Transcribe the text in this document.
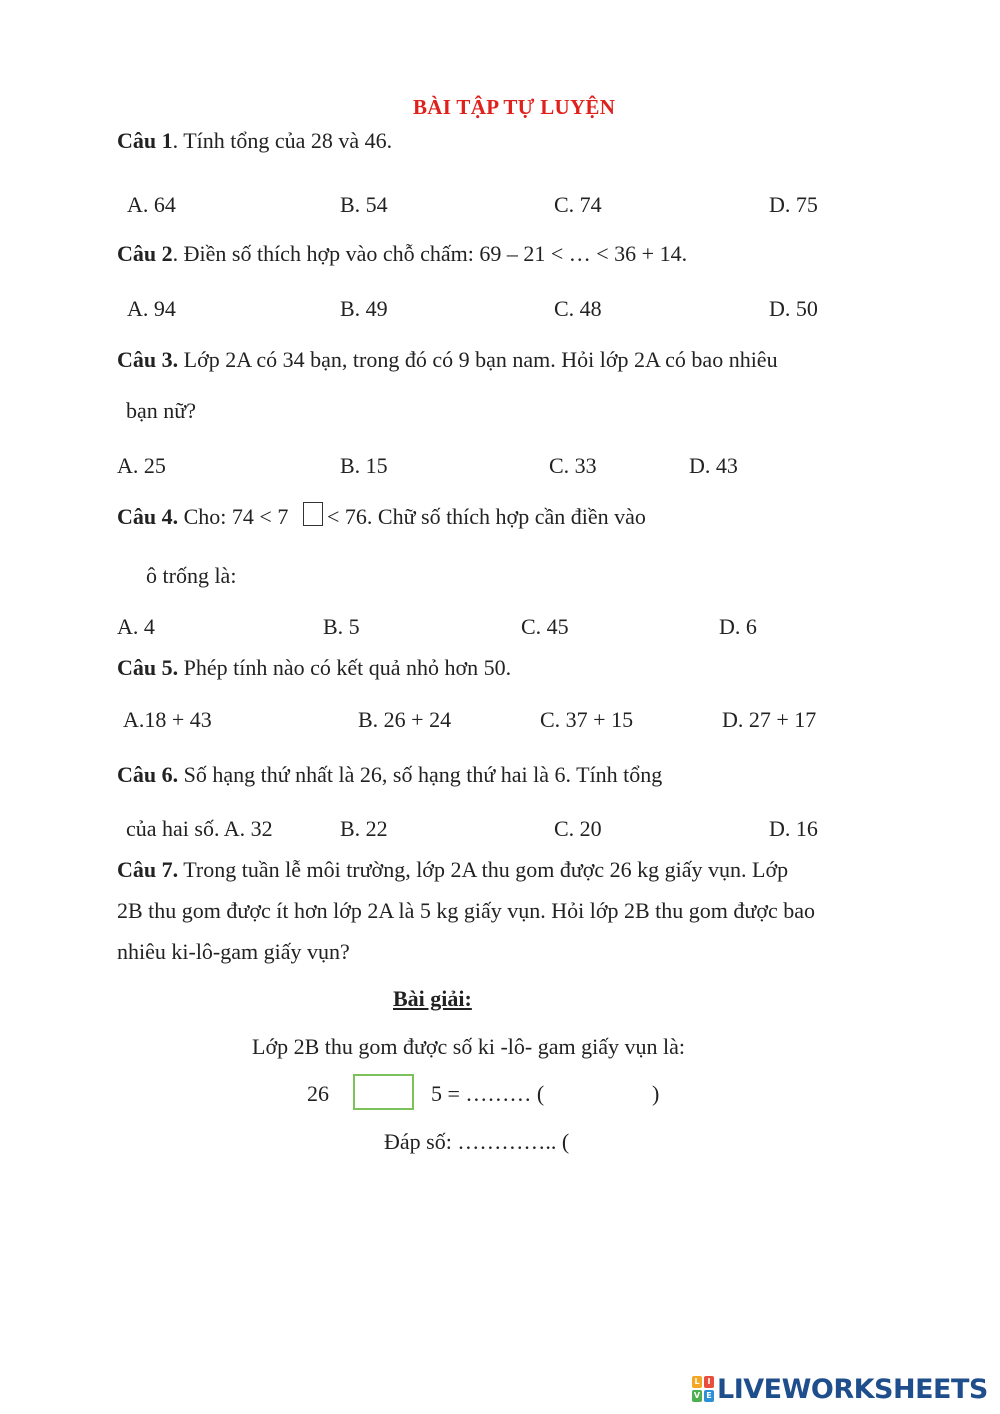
BÀI TẬP TỰ LUYỆN
Câu 1. Tính tổng của 28 và 46.
A. 64	B. 54	C. 74	D. 75
Câu 2. Điền số thích hợp vào chỗ chấm: 69 – 21 < … < 36 + 14.
A. 94	B. 49	C. 48	D. 50
Câu 3. Lớp 2A có 34 bạn, trong đó có 9 bạn nam. Hỏi lớp 2A có bao nhiêu
bạn nữ?
A. 25	B. 15	C. 33	D. 43
Câu 4. Cho: 74 < 7 < 76. Chữ số thích hợp cần điền vào
ô trống là:
A. 4	B. 5	C. 45	D. 6
Câu 5. Phép tính nào có kết quả nhỏ hơn 50.
A.18 + 43	B. 26 + 24	C. 37 + 15	D. 27 + 17
Câu 6. Số hạng thứ nhất là 26, số hạng thứ hai là 6. Tính tổng
của hai số. A. 32	B. 22	C. 20	D. 16
Câu 7. Trong tuần lễ môi trường, lớp 2A thu gom được 26 kg giấy vụn. Lớp
2B thu gom được ít hơn lớp 2A là 5 kg giấy vụn. Hỏi lớp 2B thu gom được bao
nhiêu ki-lô-gam giấy vụn?
Bài giải:
Lớp 2B thu gom được số ki -lô- gam giấy vụn là:
26	5 = ……… (	)
Đáp số: ………….. (
L I
V E LIVEWORKSHEETS
